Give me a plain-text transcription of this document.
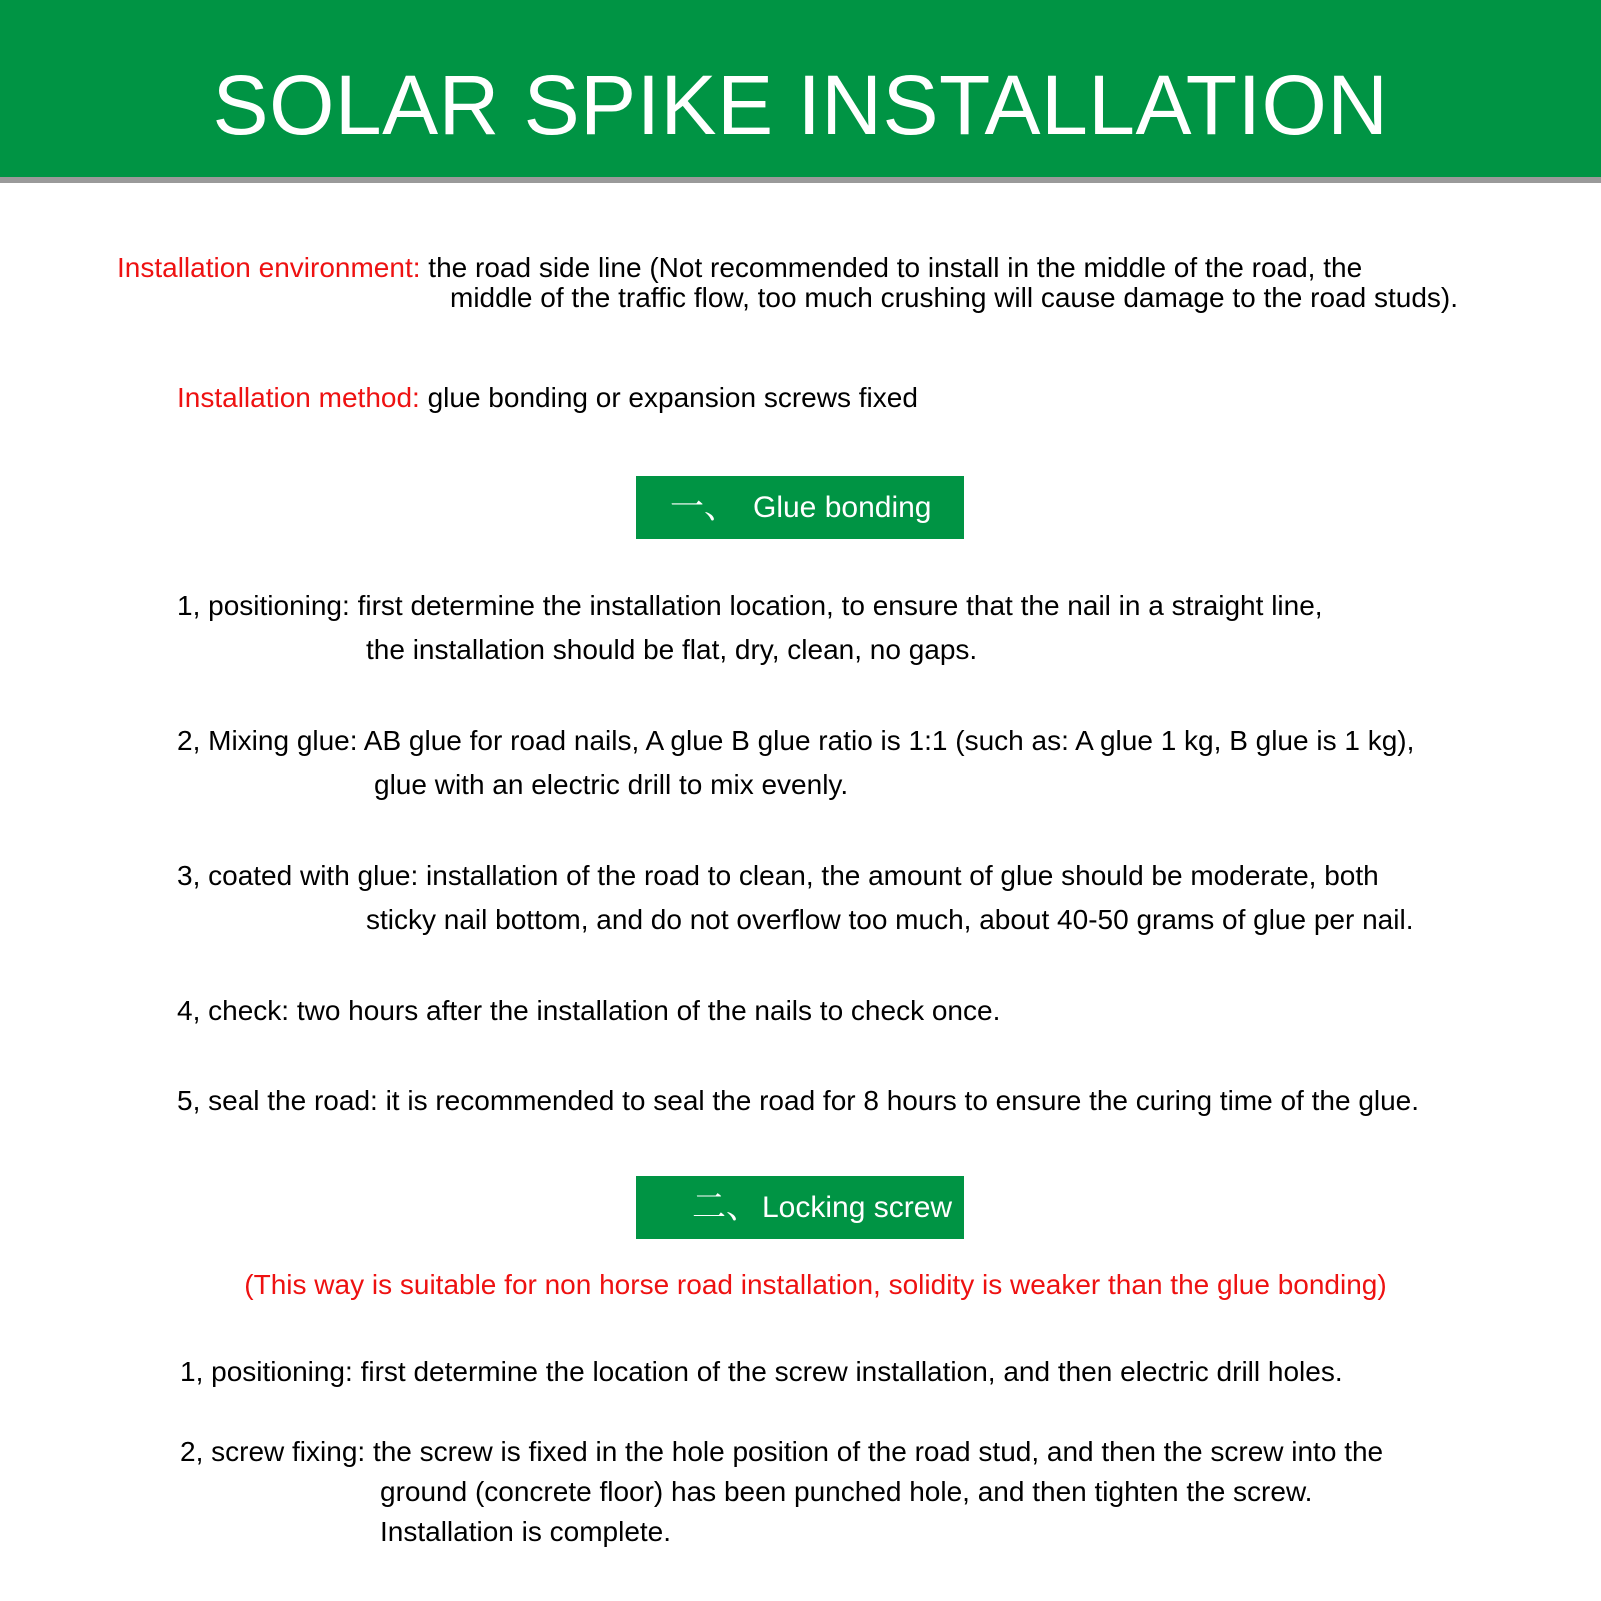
SOLAR SPIKE INSTALLATION
Installation environment: the road side line (Not recommended to install in the middle of the road, the
middle of the traffic flow, too much crushing will cause damage to the road studs).
Installation method: glue bonding or expansion screws fixed
一、 Glue bonding
1, positioning: first determine the installation location, to ensure that the nail in a straight line,
the installation should be flat, dry, clean, no gaps.
2, Mixing glue: AB glue for road nails, A glue B glue ratio is 1:1 (such as: A glue 1 kg, B glue is 1 kg),
glue with an electric drill to mix evenly.
3, coated with glue: installation of the road to clean, the amount of glue should be moderate, both
sticky nail bottom, and do not overflow too much, about 40-50 grams of glue per nail.
4, check: two hours after the installation of the nails to check once.
5, seal the road: it is recommended to seal the road for 8 hours to ensure the curing time of the glue.
二、 Locking screw
(This way is suitable for non horse road installation, solidity is weaker than the glue bonding)
1, positioning: first determine the location of the screw installation, and then electric drill holes.
2, screw fixing: the screw is fixed in the hole position of the road stud, and then the screw into the
ground (concrete floor) has been punched hole, and then tighten the screw.
Installation is complete.
